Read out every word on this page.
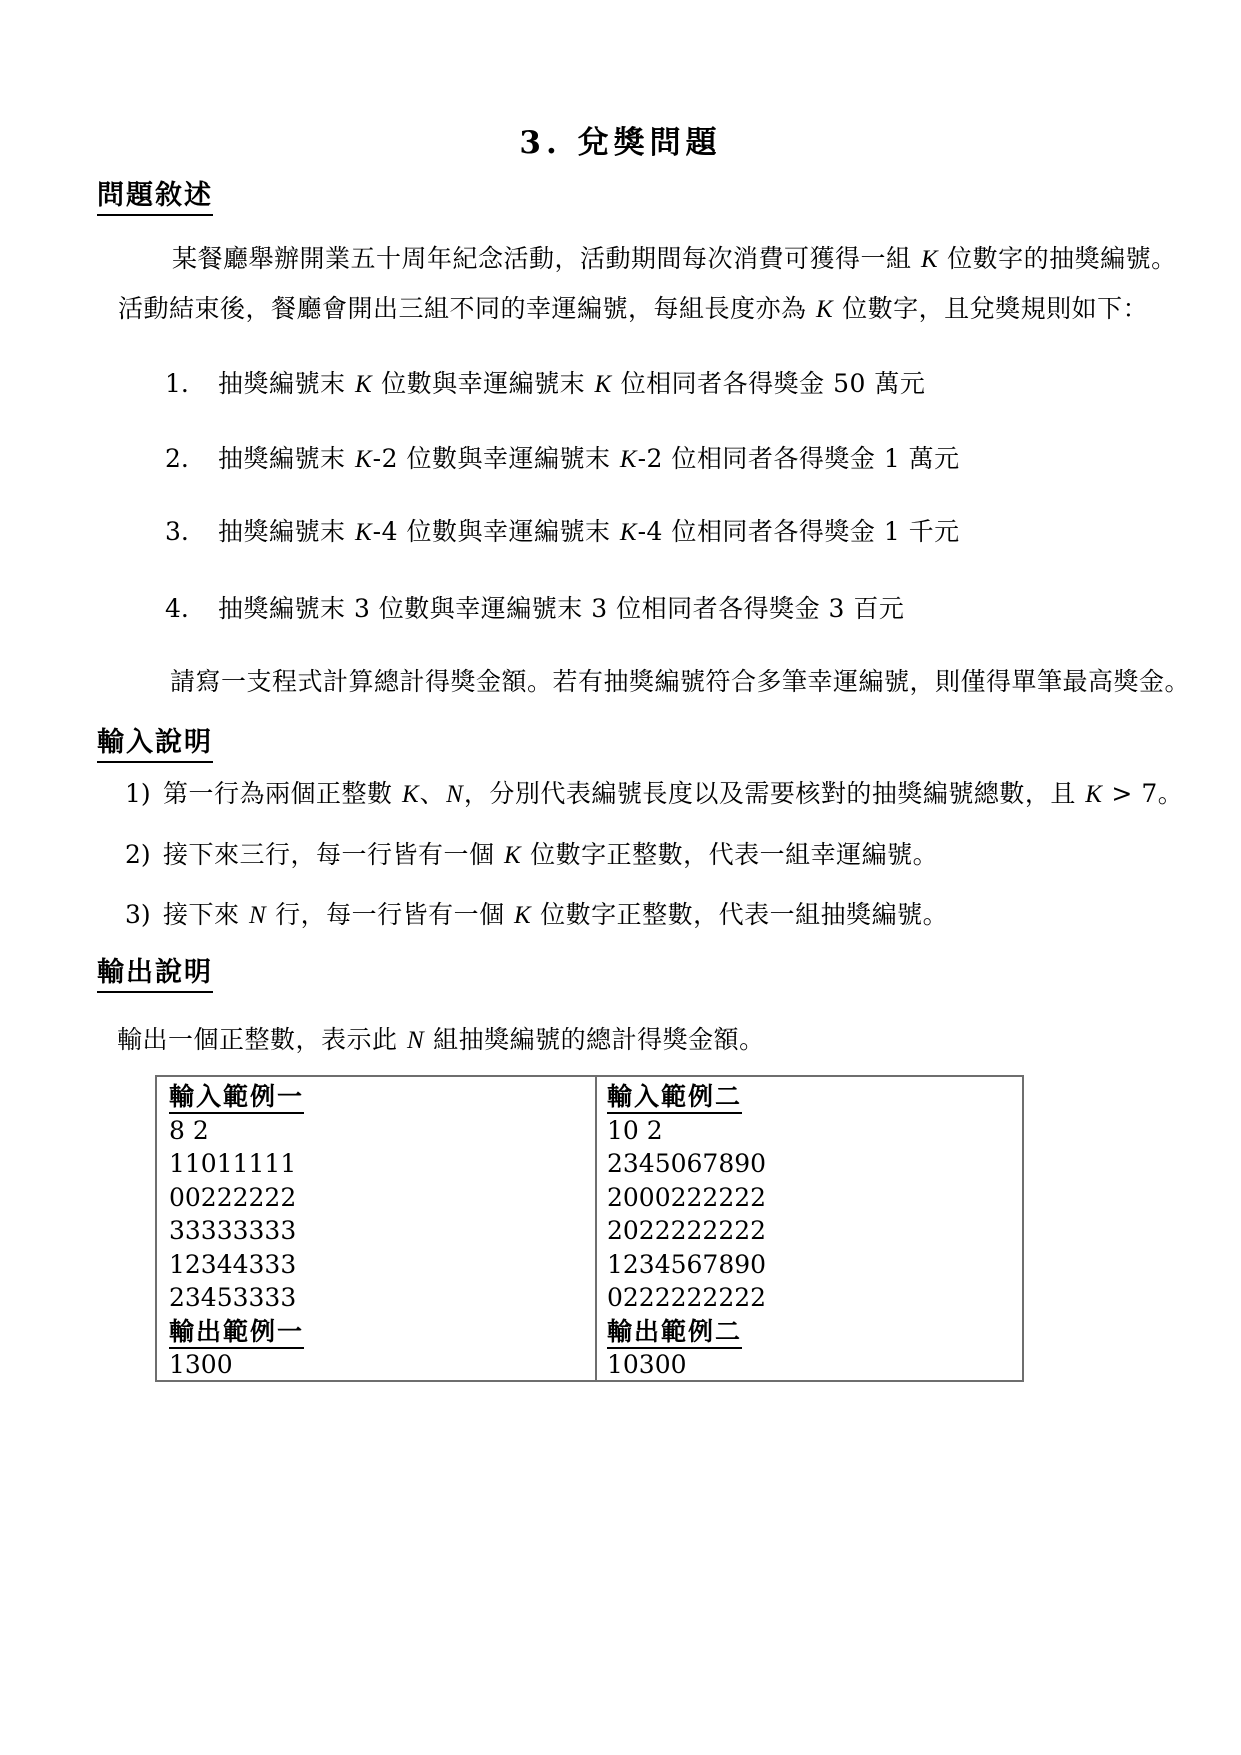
3. 兌獎問題
問題敘述
某餐廳舉辦開業五十周年紀念活動，活動期間每次消費可獲得一組 K 位數字的抽獎編號。
活動結束後，餐廳會開出三組不同的幸運編號，每組長度亦為 K 位數字，且兌獎規則如下：
1. 抽獎編號末 K 位數與幸運編號末 K 位相同者各得獎金 50 萬元
2. 抽獎編號末 K-2 位數與幸運編號末 K-2 位相同者各得獎金 1 萬元
3. 抽獎編號末 K-4 位數與幸運編號末 K-4 位相同者各得獎金 1 千元
4. 抽獎編號末 3 位數與幸運編號末 3 位相同者各得獎金 3 百元
請寫一支程式計算總計得獎金額。若有抽獎編號符合多筆幸運編號，則僅得單筆最高獎金。
輸入說明
1) 第一行為兩個正整數 K、N，分別代表編號長度以及需要核對的抽獎編號總數，且 K > 7。
2) 接下來三行，每一行皆有一個 K 位數字正整數，代表一組幸運編號。
3) 接下來 N 行，每一行皆有一個 K 位數字正整數，代表一組抽獎編號。
輸出說明
輸出一個正整數，表示此 N 組抽獎編號的總計得獎金額。
輸入範例一
8 2
11011111
00222222
33333333
12344333
23453333
輸出範例一
1300
輸入範例二
10 2
2345067890
2000222222
2022222222
1234567890
0222222222
輸出範例二
10300
